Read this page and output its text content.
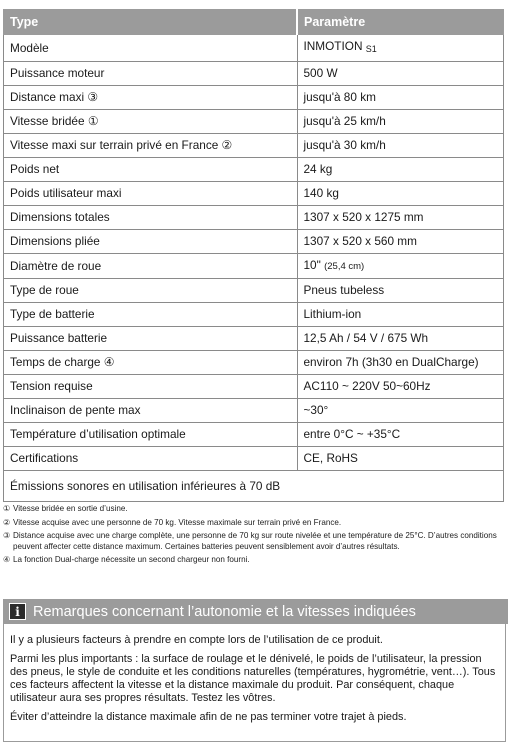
Type	Paramètre
Modèle	INMOTION $_{S1}$
Puissance moteur	500 W
Distance maxi ③	jusqu'à 80 km
Vitesse bridée ①	jusqu'à 25 km/h
Vitesse maxi sur terrain privé en France ②	jusqu'à 30 km/h
Poids net	24 kg
Poids utilisateur maxi	140 kg
Dimensions totales	1307 x 520 x 1275 mm
Dimensions pliée	1307 x 520 x 560 mm
Diamètre de roue	10" (25,4 cm)
Type de roue	Pneus tubeless
Type de batterie	Lithium-ion
Puissance batterie	12,5 Ah / 54 V / 675 Wh
Temps de charge ④	environ 7h (3h30 en DualCharge)
Tension requise	AC110 ~ 220V 50~60Hz
Inclinaison de pente max	~30°
Température d’utilisation optimale	entre 0°C ~ +35°C
Certifications	CE, RoHS
Émissions sonores en utilisation inférieures à 70 dB	
① Vitesse bridée en sortie d’usine.
② Vitesse acquise avec une personne de 70 kg. Vitesse maximale sur terrain privé en France.
③ Distance acquise avec une charge complète, une personne de 70 kg sur route nivelée et une température de 25°C. D’autres conditions peuvent affecter cette distance maximum. Certaines batteries peuvent sensiblement avoir d’autres résultats.
④ La fonction Dual-charge nécessite un second chargeur non fourni.
i Remarques concernant l’autonomie et la vitesses indiquées

Il y a plusieurs facteurs à prendre en compte lors de l’utilisation de ce produit.

Parmi les plus importants : la surface de roulage et le dénivelé, le poids de l’utilisateur, la pression des pneus, le style de conduite et les conditions naturelles (températures, hygrométrie, vent…). Tous ces facteurs affectent la vitesse et la distance maximale du produit. Par conséquent, chaque utilisateur aura ses propres résultats. Testez les vôtres.

Éviter d’atteindre la distance maximale afin de ne pas terminer votre trajet à pieds.
